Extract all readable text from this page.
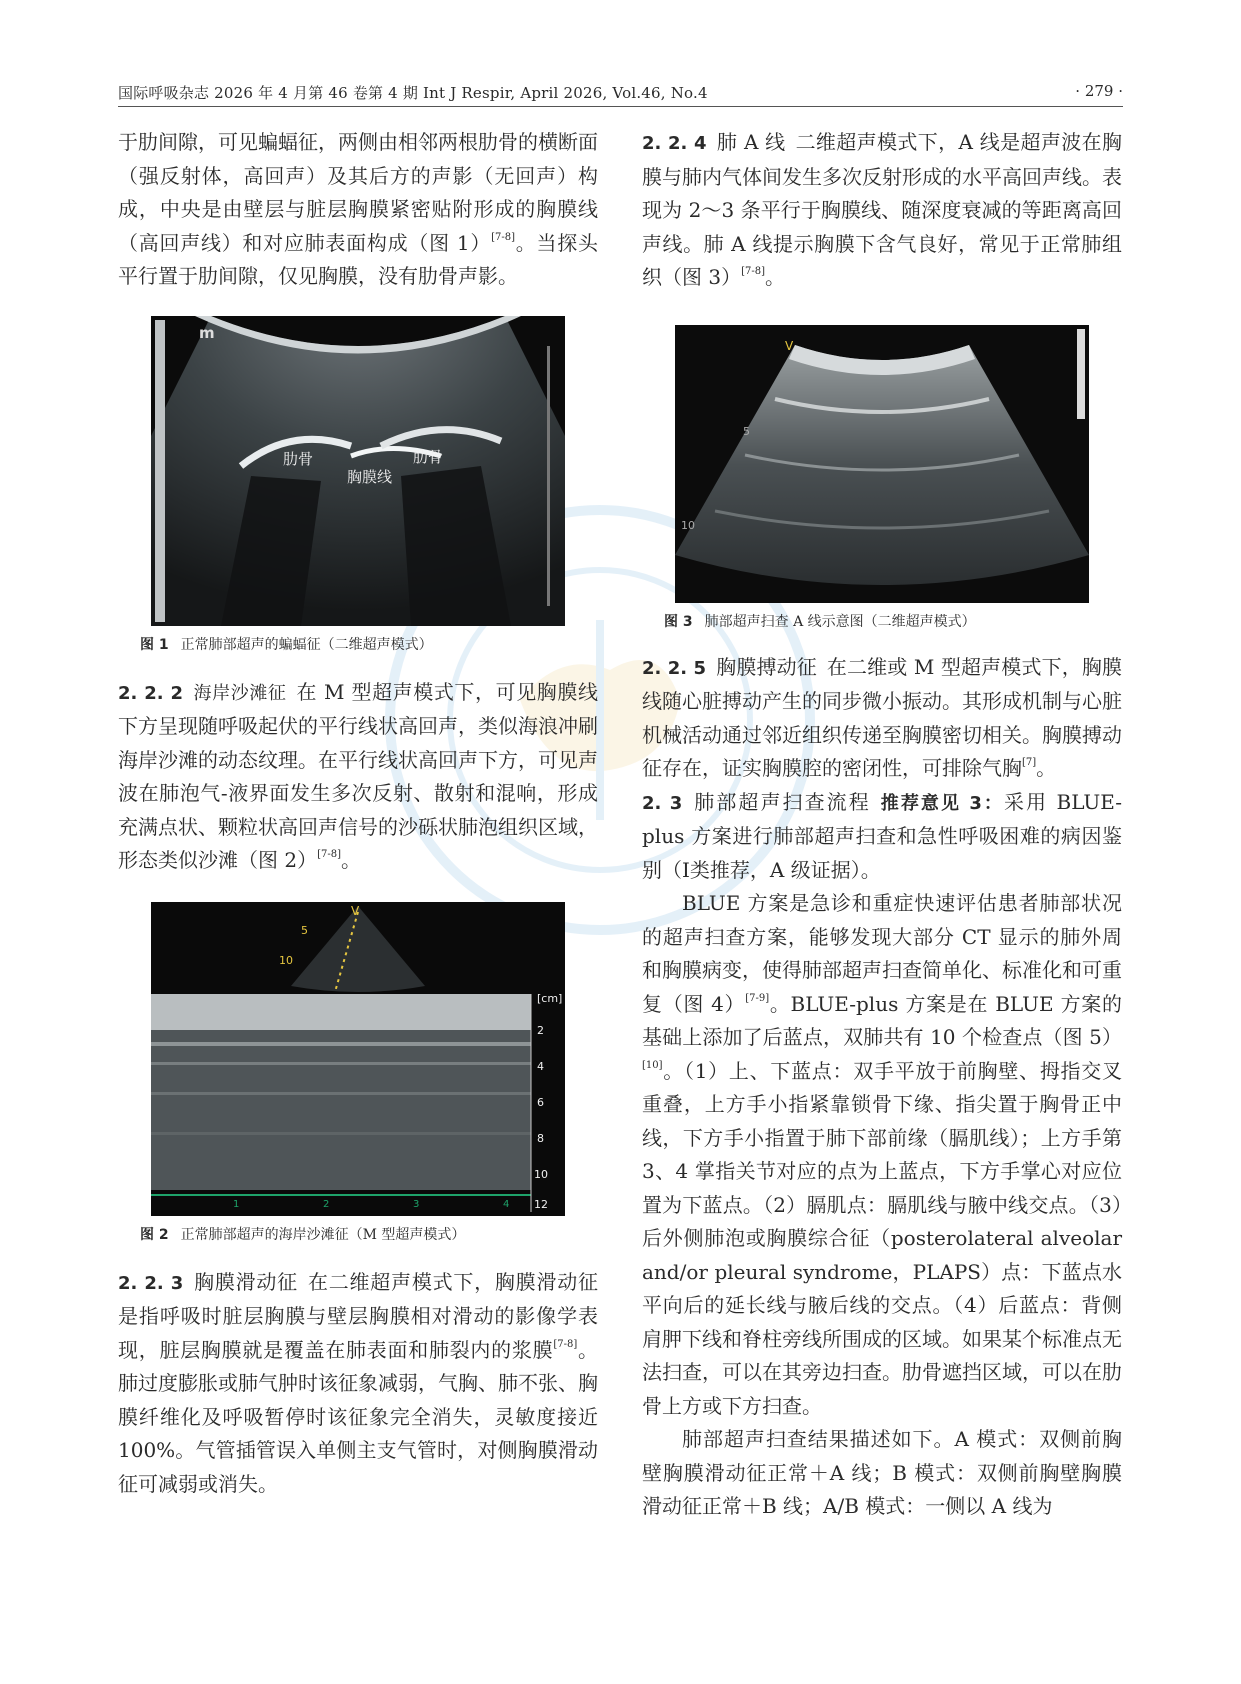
国际呼吸杂志 2026 年 4 月第 46 卷第 4 期 Int J Respir, April 2026, Vol.46, No.4	· 279 ·

于肋间隙，可见蝙蝠征，两侧由相邻两根肋骨的横断面（强反射体，高回声）及其后方的声影（无回声）构成，中央是由壁层与脏层胸膜紧密贴附形成的胸膜线（高回声线）和对应肺表面构成（图 1）[7-8]。当探头平行置于肋间隙，仅见胸膜，没有肋骨声影。

m
肋骨
胸膜线
肋骨
图 1 正常肺部超声的蝙蝠征（二维超声模式）

2. 2. 2 海岸沙滩征 在 M 型超声模式下，可见胸膜线下方呈现随呼吸起伏的平行线状高回声，类似海浪冲刷海岸沙滩的动态纹理。在平行线状高回声下方，可见声波在肺泡气-液界面发生多次反射、散射和混响，形成充满点状、颗粒状高回声信号的沙砾状肺泡组织区域，形态类似沙滩（图 2）[7-8]。

V
5
10
[cm]
2
4
6
8
10
12
1	2	3	4
图 2 正常肺部超声的海岸沙滩征（M 型超声模式）

2. 2. 3 胸膜滑动征 在二维超声模式下，胸膜滑动征是指呼吸时脏层胸膜与壁层胸膜相对滑动的影像学表现，脏层胸膜就是覆盖在肺表面和肺裂内的浆膜[7-8]。肺过度膨胀或肺气肿时该征象减弱，气胸、肺不张、胸膜纤维化及呼吸暂停时该征象完全消失，灵敏度接近 100%。气管插管误入单侧主支气管时，对侧胸膜滑动征可减弱或消失。

2. 2. 4 肺 A 线 二维超声模式下，A 线是超声波在胸膜与肺内气体间发生多次反射形成的水平高回声线。表现为 2～3 条平行于胸膜线、随深度衰减的等距离高回声线。肺 A 线提示胸膜下含气良好，常见于正常肺组织（图 3）[7-8]。

V
5
10
图 3 肺部超声扫查 A 线示意图（二维超声模式）

2. 2. 5 胸膜搏动征 在二维或 M 型超声模式下，胸膜线随心脏搏动产生的同步微小振动。其形成机制与心脏机械活动通过邻近组织传递至胸膜密切相关。胸膜搏动征存在，证实胸膜腔的密闭性，可排除气胸[7]。

2. 3 肺部超声扫查流程 推荐意见 3：采用 BLUE-plus 方案进行肺部超声扫查和急性呼吸困难的病因鉴别（Ⅰ类推荐，A 级证据）。

BLUE 方案是急诊和重症快速评估患者肺部状况的超声扫查方案，能够发现大部分 CT 显示的肺外周和胸膜病变，使得肺部超声扫查简单化、标准化和可重复（图 4）[7-9]。BLUE-plus 方案是在 BLUE 方案的基础上添加了后蓝点，双肺共有 10 个检查点（图 5）[10]。（1）上、下蓝点：双手平放于前胸壁、拇指交叉重叠，上方手小指紧靠锁骨下缘、指尖置于胸骨正中线，下方手小指置于肺下部前缘（膈肌线）；上方手第 3、4 掌指关节对应的点为上蓝点，下方手掌心对应位置为下蓝点。（2）膈肌点：膈肌线与腋中线交点。（3）后外侧肺泡或胸膜综合征（posterolateral alveolar and/or pleural syndrome，PLAPS）点：下蓝点水平向后的延长线与腋后线的交点。（4）后蓝点：背侧肩胛下线和脊柱旁线所围成的区域。如果某个标准点无法扫查，可以在其旁边扫查。肋骨遮挡区域，可以在肋骨上方或下方扫查。

肺部超声扫查结果描述如下。A 模式：双侧前胸壁胸膜滑动征正常＋A 线；B 模式：双侧前胸壁胸膜滑动征正常＋B 线；A/B 模式：一侧以 A 线为
